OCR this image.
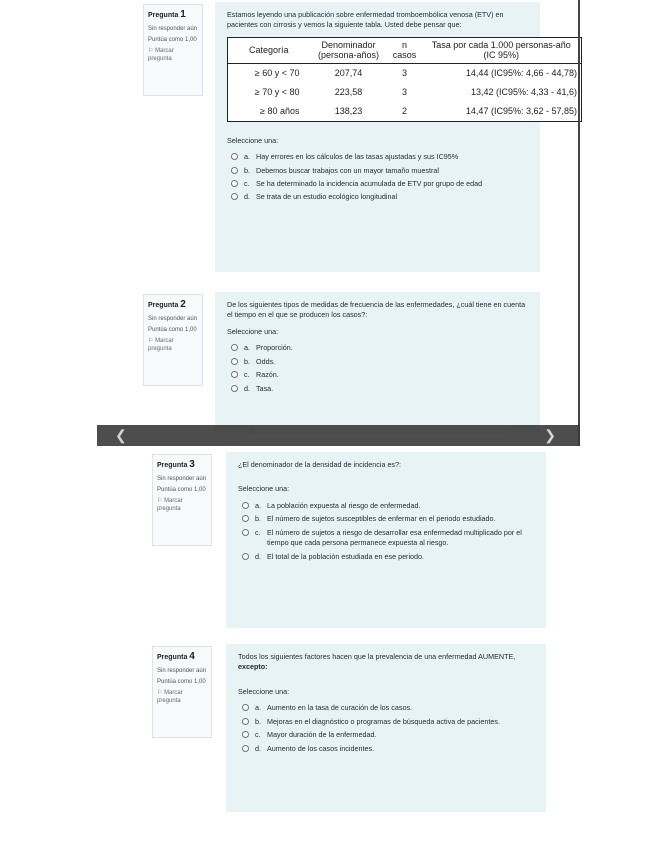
Pregunta 1
Sin responder aún
Puntúa como 1,00
⚐ Marcar pregunta
Estamos leyendo una publicación sobre enfermedad tromboembólica venosa (ETV) en pacientes con cirrosis y vemos la siguiente tabla. Usted debe pensar que:
Categoría	Denominador (persona-años)	n casos	Tasa por cada 1.000 personas-año (IC 95%)
≥ 60 y < 70	207,74	3	14,44 (IC95%: 4,66 - 44,78)
≥ 70 y < 80	223,58	3	13,42 (IC95%: 4,33 - 41,6)
≥ 80 años	138,23	2	14,47 (IC95%: 3,62 - 57,85)
Seleccione una:
a. Hay errores en los cálculos de las tasas ajustadas y sus IC95%
b. Debemos buscar trabajos con un mayor tamaño muestral
c. Se ha determinado la incidencia acumulada de ETV por grupo de edad
d. Se trata de un estudio ecológico longitudinal
Pregunta 2
Sin responder aún
Puntúa como 1,00
⚐ Marcar pregunta
De los siguientes tipos de medidas de frecuencia de las enfermedades, ¿cuál tiene en cuenta el tiempo en el que se producen los casos?:
Seleccione una:
a. Proporción.
b. Odds.
c. Razón.
d. Tasa.
❮	❯
Pregunta 3
Sin responder aún
Puntúa como 1,00
⚐ Marcar pregunta
¿El denominador de la densidad de incidencia es?:
Seleccione una:
a. La población expuesta al riesgo de enfermedad.
b. El número de sujetos susceptibles de enfermar en el periodo estudiado.
c. El número de sujetos a riesgo de desarrollar esa enfermedad multiplicado por el tiempo que cada persona permanece expuesta al riesgo.
d. El total de la población estudiada en ese periodo.
Pregunta 4
Sin responder aún
Puntúa como 1,00
⚐ Marcar pregunta
Todos los siguientes factores hacen que la prevalencia de una enfermedad AUMENTE, excepto:
Seleccione una:
a. Aumento en la tasa de curación de los casos.
b. Mejoras en el diagnóstico o programas de búsqueda activa de pacientes.
c. Mayor duración de la enfermedad.
d. Aumento de los casos incidentes.
